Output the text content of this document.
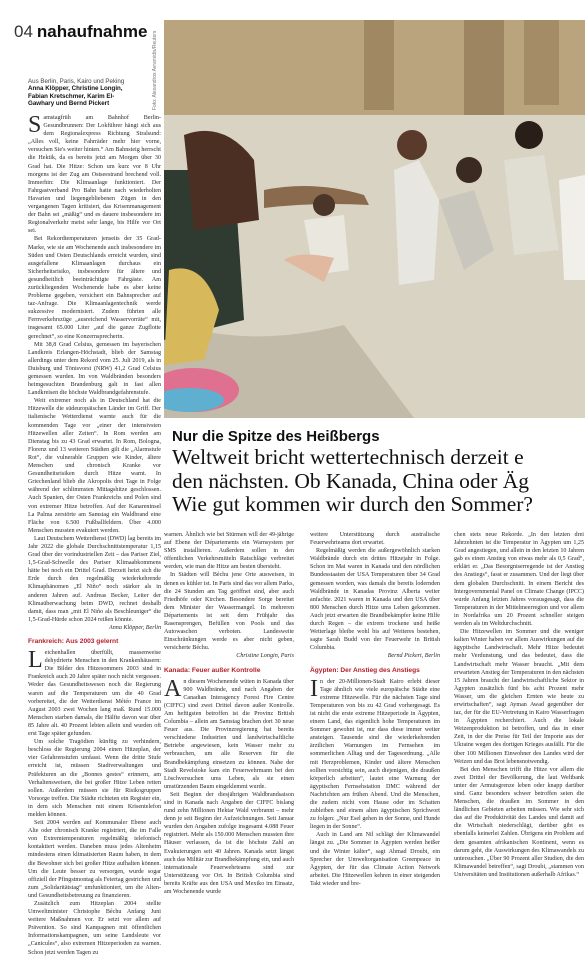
04 nahaufnahme Foto: Alexandros Avramidis/Reuters
Aus Berlin, Paris, Kairo und Peking
Anna Klöpper, Christine Longin,
Fabian Kretschmer, Karim El-
Gawhary und Bernd Pickert

Samstagfrüh am Bahnhof Berlin-Gesundbrunnen: Der Lokführer hängt sich aus dem Regionalexpress Richtung Stralsund: „Alles voll, keine Fahrräder mehr hier vorne, versuchen Sie's weiter hinten.“ Am Bahnsteig herrscht die Hektik, da es bereits jetzt am Morgen über 30 Grad hat. Die Hitze: Schon um kurz vor 8 Uhr morgens ist der Zug am Ostseestrand brechend voll. Immerhin: Die Klimaanlage funktioniert. Der Fahrgastverband Pro Bahn hatte nach wiederholten Havarien und liegengebliebenen Zügen in den vergangenen Tagen kritisiert, das Krisenmanagement der Bahn sei „mäßig“ und es dauere insbesondere im Regionalverkehr meist sehr lange, bis Hilfe vor Ort sei.

Bei Rekordtemperaturen jenseits der 35 Grad-Marke, wie sie am Wochenende auch insbesondere im Süden und Osten Deutschlands erreicht wurden, sind ausgefallene Klimaanlagen durchaus ein Sicherheitsrisiko, insbesondere für ältere und gesundheitlich beeinträchtigte Fahrgäste. Am zurückliegenden Wochenende habe es aber keine Probleme gegeben, versichert ein Bahnsprecher auf taz-Anfrage. Die Klimaanlagentechnik werde sukzessive modernisiert. Zudem führten alle Fernverkehrszüge „ausreichend Wasservorräte“ mit, insgesamt 65.000 Liter „auf die ganze Zugflotte gerechnet“, so eine Konzernsprecherin.

Mit 38,8 Grad Celsius, gemessen im bayerischen Landkreis Erlangen-Höchstadt, blieb der Samstag allerdings unter dem Rekord vom 25. Juli 2019, als in Duisburg und Tönisvorst (NRW) 41,2 Grad Celsius gemessen wurden. Im von Waldbränden besonders heimgesuchten Brandenburg galt in fast allen Landkreisen die höchste Waldbrandgefahrenstufe.

Weit extremer noch als in Deutschland hat die Hitzewelle die südeuropäischen Länder im Griff. Der italienische Wetterdienst warnte auch für die kommenden Tage vor „einer der intensivsten Hitzewellen aller Zeiten“. In Rom werden am Dienstag bis zu 43 Grad erwartet. In Rom, Bologna, Florenz und 13 weiteren Städten gilt die „Alarmstufe Rot“, die vulnerable Gruppen wie Kinder, ältere Menschen und chronisch Kranke vor Gesundheitsrisiken durch Hitze warnt. In Griechenland blieb die Akropolis drei Tage in Folge während der schlimmsten Mittagshitze geschlossen. Auch Spanien, der Osten Frankreichs und Polen sind von extremer Hitze betroffen. Auf der Kanareninsel La Palma zerstörte am Samstag ein Waldbrand eine Fläche von 6.500 Fußballfeldern. Über 4.000 Menschen mussten evakuiert werden.

Laut Deutschem Wetterdienst (DWD) lag bereits im Jahr 2022 die globale Durchschnittstemperatur 1,15 Grad über der vorindustriellen Zeit – das Pariser Ziel, 1,5-Grad-Schwelle des Pariser Klimaabkommens hätte bei noch ein Drittel Grad. Derzeit heizt sich die Erde durch den regelmäßig wiederkehrende Klimaphänomen „El Niño“ noch stärker als in anderen Jahren auf. Andreas Becker, Leiter der Klimaüberwachung beim DWD, rechnet deshalb damit, dass man „mit El Niño als Beschleuniger“ die 1,5-Grad-Hürde schon 2024 reißen könnte.

Anna Klöpper, Berlin
Frankreich: Aus 2003 gelernt

Leichenhallen überfüllt, massenweise dehydrierte Menschen in den Krankenhäusern: Die Bilder des Hitzesommers 2003 sind in Frankreich auch 20 Jahre später noch nicht vergessen. Weder das Gesundheitswesen noch die Regierung waren auf die Temperaturen um die 40 Grad vorbereitet, die der Wetterdienst Météo France im August 2003 zwei Wochen lang maß. Rund 15.000 Menschen starben damals, die Hälfte davon war über 85 Jahre alt. 40 Prozent lebten allein und wurden oft erst Tage später gefunden.

Um solche Tragödien künftig zu verhindern, beschloss die Regierung 2004 einen Hitzeplan, der vier Gefahrenstufen umfasst. Wenn die dritte Stufe erreicht ist, müssen Stadtverwaltungen und Präfekturen an die „Bonnes gestes“ erinnern, am Verhaltensweisen, die bei großer Hitze Leben retten sollen. Außerdem müssen sie für Risikogruppen Vorsorge treffen. Die Städte richteten ein Register ein, in dem sich Menschen mit einem Krisentelefon melden können.

Seit 2004 werden auf Kommunaler Ebene auch Alte oder chronisch Kranke registriert, die im Falle von Extremtemperaturen regelmäßig telefonisch kontaktiert werden. Daneben muss jedes Altenheim mindestens einen klimatisierten Raum haben, in dem die Bewohner sich bei großer Hitze aufhalten können. Um die Leute besser zu versorgen, wurde sogar offiziell der Pfingstmontag als Feiertag gestrichen und zum „Solidaritätstag“ umfunktioniert, um die Alten- und Gesundheitsbetreuung zu finanzieren.

Zusätzlich zum Hitzeplan 2004 stellte Umweltminister Christophe Béchu Anfang Juni weitere Maßnahmen vor. Er setzt vor allem auf Prävention. So sind Kampagnen mit öffentlichen Informationskampagnen, um seine Landsleute vor „Canicules“, also extremen Hitzeperioden zu warnen. Schon jetzt werden Tagen zu

Nur die Spitze des Heißbergs
Weltweit bricht wettertechnisch derzeit e
den nächsten. Ob Kanada, China oder Äg
Wie gut kommen wir durch den Sommer?

warnen. Ähnlich wie bei Stürmen will der 49-jährige auf Ebene der Départements ein Warnsystem per SMS installieren. Außerdem sollen in den öffentlichen Verkehrsmitteln Ratschläge verbreitet werden, wie man die Hitze am besten übersteht.

In Städten will Béchu jene Orte ausweisen, in denen es kühler ist. In Paris sind das vor allem Parks, die 24 Stunden am Tag geöffnet sind, aber auch Friedhöfe oder Kirchen. Besondere Sorge bereitet dem Minister der Wassermangel. In mehreren Départements ist seit dem Frühjahr das Rasensprengen, Befüllen von Pools und das Autowaschen verboten. Landesweite Einschränkungen werde es aber nicht geben, versicherte Béchu.

Christine Longin, Paris
Kanada: Feuer außer Kontrolle

An diesem Wochenende wüten in Kanada über 900 Waldbrände, und nach Angaben der Canadian Interagency Forest Fire Centre (CIFFC) sind zwei Drittel davon außer Kontrolle. Am heftigsten betroffen ist die Provinz British Columbia – allein am Samstag brachen dort 30 neue Feuer aus. Die Provinzregierung hat bereits verschiedene Industrien und landwirtschaftliche Betriebe angewiesen, kein Wasser mehr zu verbrauchen, um alle Reserven für die Brandbekämpfung einsetzen zu können. Nahe der Stadt Revelstoke kam ein Feuerwehrmann bei den Löschversuchen ums Leben, als sie einen umstürzenden Baum eingeklemmt wurde.

Seit Beginn der diesjährigen Waldbrandsaison sind in Kanada nach Angaben der CIFFC bislang rund zehn Millionen Hektar Wald verbrannt – mehr denn je seit Beginn der Aufzeichnungen. Seit Januar wurden den Angaben zufolge insgesamt 4.088 Feuer registriert. Mehr als 150.000 Menschen mussten ihre Häuser verlassen, da ist die höchste Zahl an Evakuierungen seit 40 Jahren. Kanada setzt längst auch das Militär zur Brandbekämpfung ein, und auch internationale Feuerwehrteams sind zur Unterstützung vor Ort. In British Columbia sind bereits Kräfte aus den USA und Mexiko im Einsatz, am Wochenende wurde

weitere Unterstützung durch australische Feuerwehrteams dort erwartet.

Regelmäßig werden die außergewöhnlich starken Waldbrände durch ein drittes Hitzejahr in Folge. Schon im Mai waren in Kanada und den nördlichen Bundesstaaten der USA Temperaturen über 34 Grad gemessen worden, was damals die bereits lodernden Waldbrände in Kanadas Provinz Alberta weiter anfachte. 2021 waren in Kanada und den USA über 800 Menschen durch Hitze ums Leben gekommen. Auch jetzt erwarten die Brandbekämpfer keine Hilfe durch Regen – die extrem trockene und heiße Wetterlage bleibe wohl bis auf Weiteres bestehen, sagte Sarah Budd von der Feuerwehr in British Columbia.

Bernd Pickert, Berlin
Ägypten: Der Anstieg des Anstiegs

In der 20-Millionen-Stadt Kairo erlebt dieser Tage ähnlich wie viele europäische Städte eine extreme Hitzewelle. Für die nächsten Tage sind Temperaturen von bis zu 42 Grad vorhergesagt. Es ist nicht die erste extreme Hitzeperiode in Ägypten, einem Land, das eigentlich hohe Temperaturen im Sommer gewohnt ist, nur dass diese immer weiter ansteigen. Tausende sind die wiederkehrenden ärztlichen Warnungen im Fernsehen im sommerlichen Alltag und der Tagesordnung. „Alle mit Herzproblemen, Kinder und ältere Menschen sollten vorsichtig sein, auch diejenigen, die draußen körperlich arbeiten“, lautet eine Warnung der ägyptischen Fernsehstation DMC während der Nachrichten am frühen Abend. Und die Menschen, die zudem nicht vom Hause oder im Schatten zubleiben und einem alten ägyptischen Sprichwort zu folgen: „Nur Esel gehen in der Sonne, und Hunde liegen in der Sonne“.

Auch in Land am Nil schlägt der Klimawandel längst zu. „Die Sommer in Ägypten werden heißer und die Winter kälter“, sagt Ahmad Droubi, ein Sprecher der Umweltorganisation Greenpeace in Ägypten, der für das Climate Action Network arbeitet. Die Hitzewellen kehren in einer steigenden Takt wieder und bre-

chen stets neue Rekorde. „In den letzten drei Jahrzehnten ist die Temperatur in Ägypten um 1,25 Grad angestiegen, und allein in den letzten 10 Jahren gab es einen Anstieg von etwas mehr als 0,5 Grad“, erklärt er. „Das Besorgniserregende ist der Anstieg des Anstiegs“, fasst er zusammen. Und der liegt über dem globalen Durchschnitt. In einem Bericht des Intergovernmental Panel on Climate Change (IPCC) wurde Anfang letzten Jahres vorausgesagt, dass die Temperaturen in der Mittelmeerregion und vor allem in Nordafrika um 20 Prozent schneller steigen werden als im Weltdurchschnitt.

Die Hitzewellen im Sommer und die weniger kalten Winter haben vor allem Auswirkungen auf die ägyptische Landwirtschaft. Mehr Hitze bedeutet mehr Verdunstung, und das bedeutet, dass die Landwirtschaft mehr Wasser braucht. „Mit dem erwarteten Anstieg der Temperaturen in den nächsten 15 Jahren braucht der landwirtschaftliche Sektor in Ägypten zusätzlich fünf bis acht Prozent mehr Wasser, um die gleichen Ernten wie heute zu erwirtschaften“, sagt Ayman Awad gegenüber der taz, der für die EU-Vertretung in Kairo Wasserfragen in Ägypten recherchiert. Auch die lokale Weizenproduktion ist betroffen, und das in einer Zeit, in der die Preise für Teil der Importe aus der Ukraine wegen des dortigen Krieges ausfällt. Für die über 100 Millionen Einwohner des Landes wird der Weizen und das Brot lebensnotwendig.

Bei den Menschen trifft die Hitze vor allem die zwei Drittel der Bevölkerung, die laut Weltbank unter der Armutsgrenze leben oder knapp darüber sind. Ganz besonders schwer betroffen seien die Menschen, die draußen im Sommer in den ländlichen Gebieten arbeiten müssen. Wie sehr sich das auf die Produktivität des Landes und damit auf die Wirtschaft niederschlägt, darüber gibt es ebenfalls keinerlei Zahlen. Übrigens ein Problem auf dem gesamten afrikanischen Kontinent, wenn es darum geht, die Auswirkungen des Klimawandels zu untersuchen. „Über 90 Prozent aller Studien, die den Klimawandel betreffen“, sagt Droubi, „stammen von Universitäten und Institutionen außerhalb Afrikas.“
